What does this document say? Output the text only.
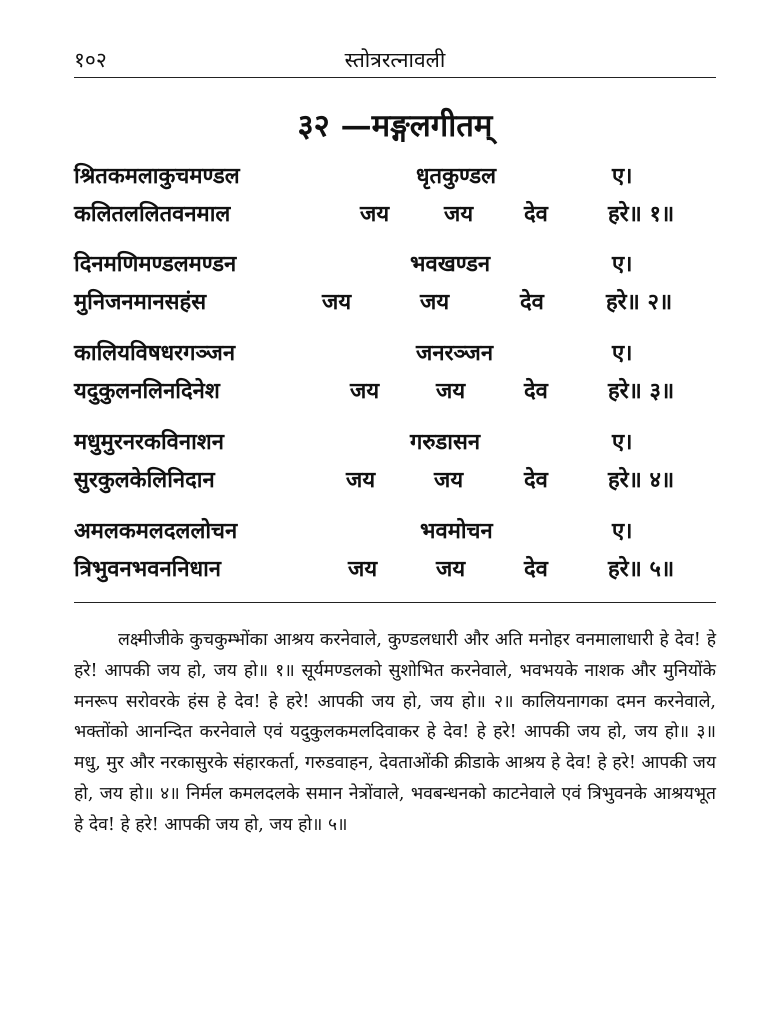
१०२	स्तोत्ररत्नावली
३२ —मङ्गलगीतम्
श्रितकमलाकुचमण्डल	धृतकुण्डल	ए।
कलितललितवनमाल	जय जय देव	हरे॥ १॥
दिनमणिमण्डलमण्डन	भवखण्डन	ए।
मुनिजनमानसहंस	जय	जय	देव	हरे॥ २॥
कालियविषधरगञ्जन	जनरञ्जन	ए।
यदुकुलनलिनदिनेश	जय	जय	देव	हरे॥ ३॥
मधुमुरनरकविनाशन	गरुडासन	ए।
सुरकुलकेलिनिदान	जय	जय	देव	हरे॥ ४॥
अमलकमलदललोचन	भवमोचन	ए।
त्रिभुवनभवननिधान	जय	जय	देव	हरे॥ ५॥

लक्ष्मीजीके कुचकुम्भोंका आश्रय करनेवाले, कुण्डलधारी और अति मनोहर वनमालाधारी हे देव! हे हरे! आपकी जय हो, जय हो॥ १॥ सूर्यमण्डलको सुशोभित करनेवाले, भवभयके नाशक और मुनियोंके मनरूप सरोवरके हंस हे देव! हे हरे! आपकी जय हो, जय हो॥ २॥ कालियनागका दमन करनेवाले, भक्तोंको आनन्दित करनेवाले एवं यदुकुलकमलदिवाकर हे देव! हे हरे! आपकी जय हो, जय हो॥ ३॥ मधु, मुर और नरकासुरके संहारकर्ता, गरुडवाहन, देवताओंकी क्रीडाके आश्रय हे देव! हे हरे! आपकी जय हो, जय हो॥ ४॥ निर्मल कमलदलके समान नेत्रोंवाले, भवबन्धनको काटनेवाले एवं त्रिभुवनके आश्रयभूत हे देव! हे हरे! आपकी जय हो, जय हो॥ ५॥
